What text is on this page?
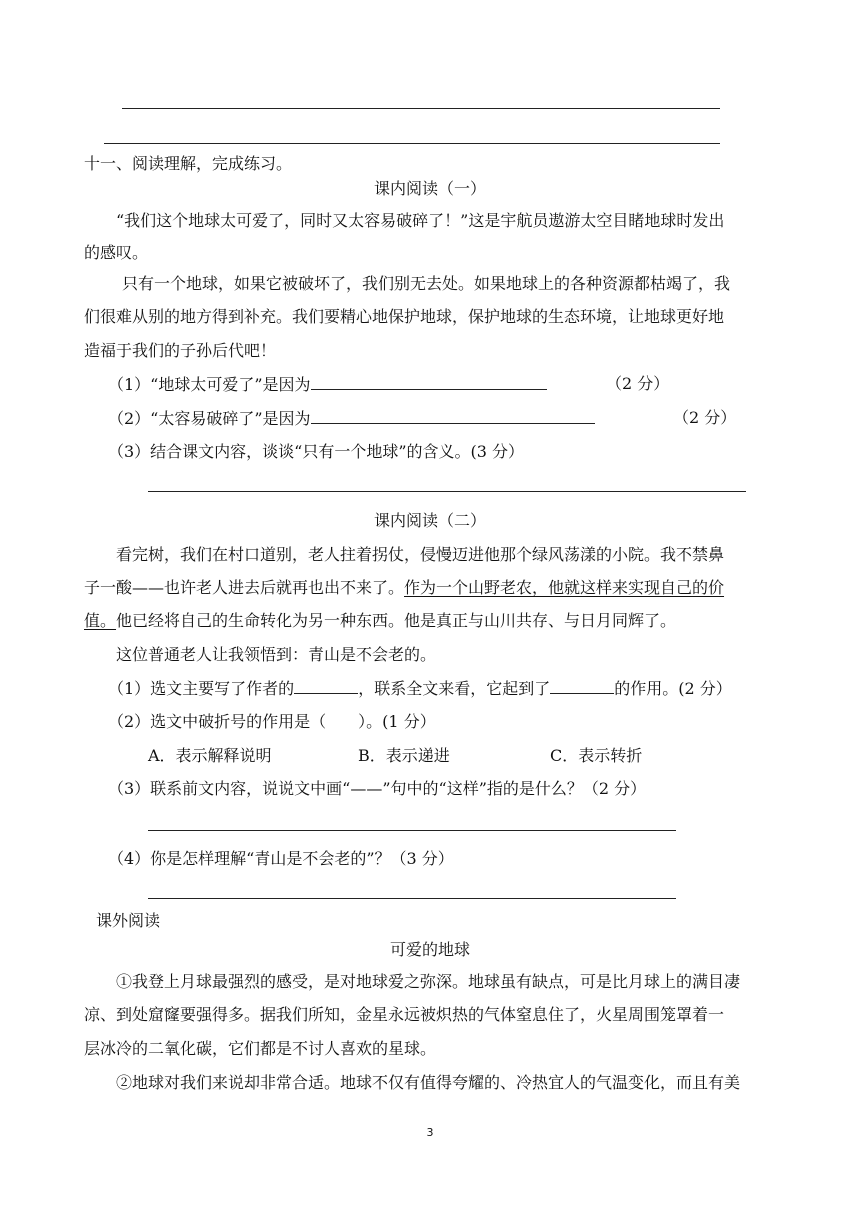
十一、阅读理解，完成练习。
课内阅读（一）
“我们这个地球太可爱了，同时又太容易破碎了！”这是宇航员遨游太空目睹地球时发出
的感叹。
只有一个地球，如果它被破坏了，我们别无去处。如果地球上的各种资源都枯竭了，我
们很难从别的地方得到补充。我们要精心地保护地球，保护地球的生态环境，让地球更好地
造福于我们的子孙后代吧！
（1）“地球太可爱了”是因为	（2 分）
（2）“太容易破碎了”是因为	（2 分）
（3）结合课文内容，谈谈“只有一个地球”的含义。(3 分）
课内阅读（二）
看完树，我们在村口道别，老人拄着拐仗，侵慢迈进他那个绿风荡漾的小院。我不禁鼻
子一酸——也许老人进去后就再也出不来了。作为一个山野老农，他就这样来实现自己的价
值。他已经将自己的生命转化为另一种东西。他是真正与山川共存、与日月同辉了。
这位普通老人让我领悟到：青山是不会老的。
（1）选文主要写了作者的	，联系全文来看，它起到了	的作用。(2 分）
（2）选文中破折号的作用是（　　）。(1 分）
A．表示解释说明	B．表示递进	C．表示转折
（3）联系前文内容，说说文中画“——”句中的“这样”指的是什么？（2 分）
（4）你是怎样理解“青山是不会老的”？（3 分）
课外阅读
可爱的地球
①我登上月球最强烈的感受，是对地球爱之弥深。地球虽有缺点，可是比月球上的满目凄
凉、到处窟窿要强得多。据我们所知，金星永远被炽热的气体窒息住了，火星周围笼罩着一
层冰冷的二氧化碳，它们都是不讨人喜欢的星球。
②地球对我们来说却非常合适。地球不仅有值得夸耀的、冷热宜人的气温变化，而且有美
3
